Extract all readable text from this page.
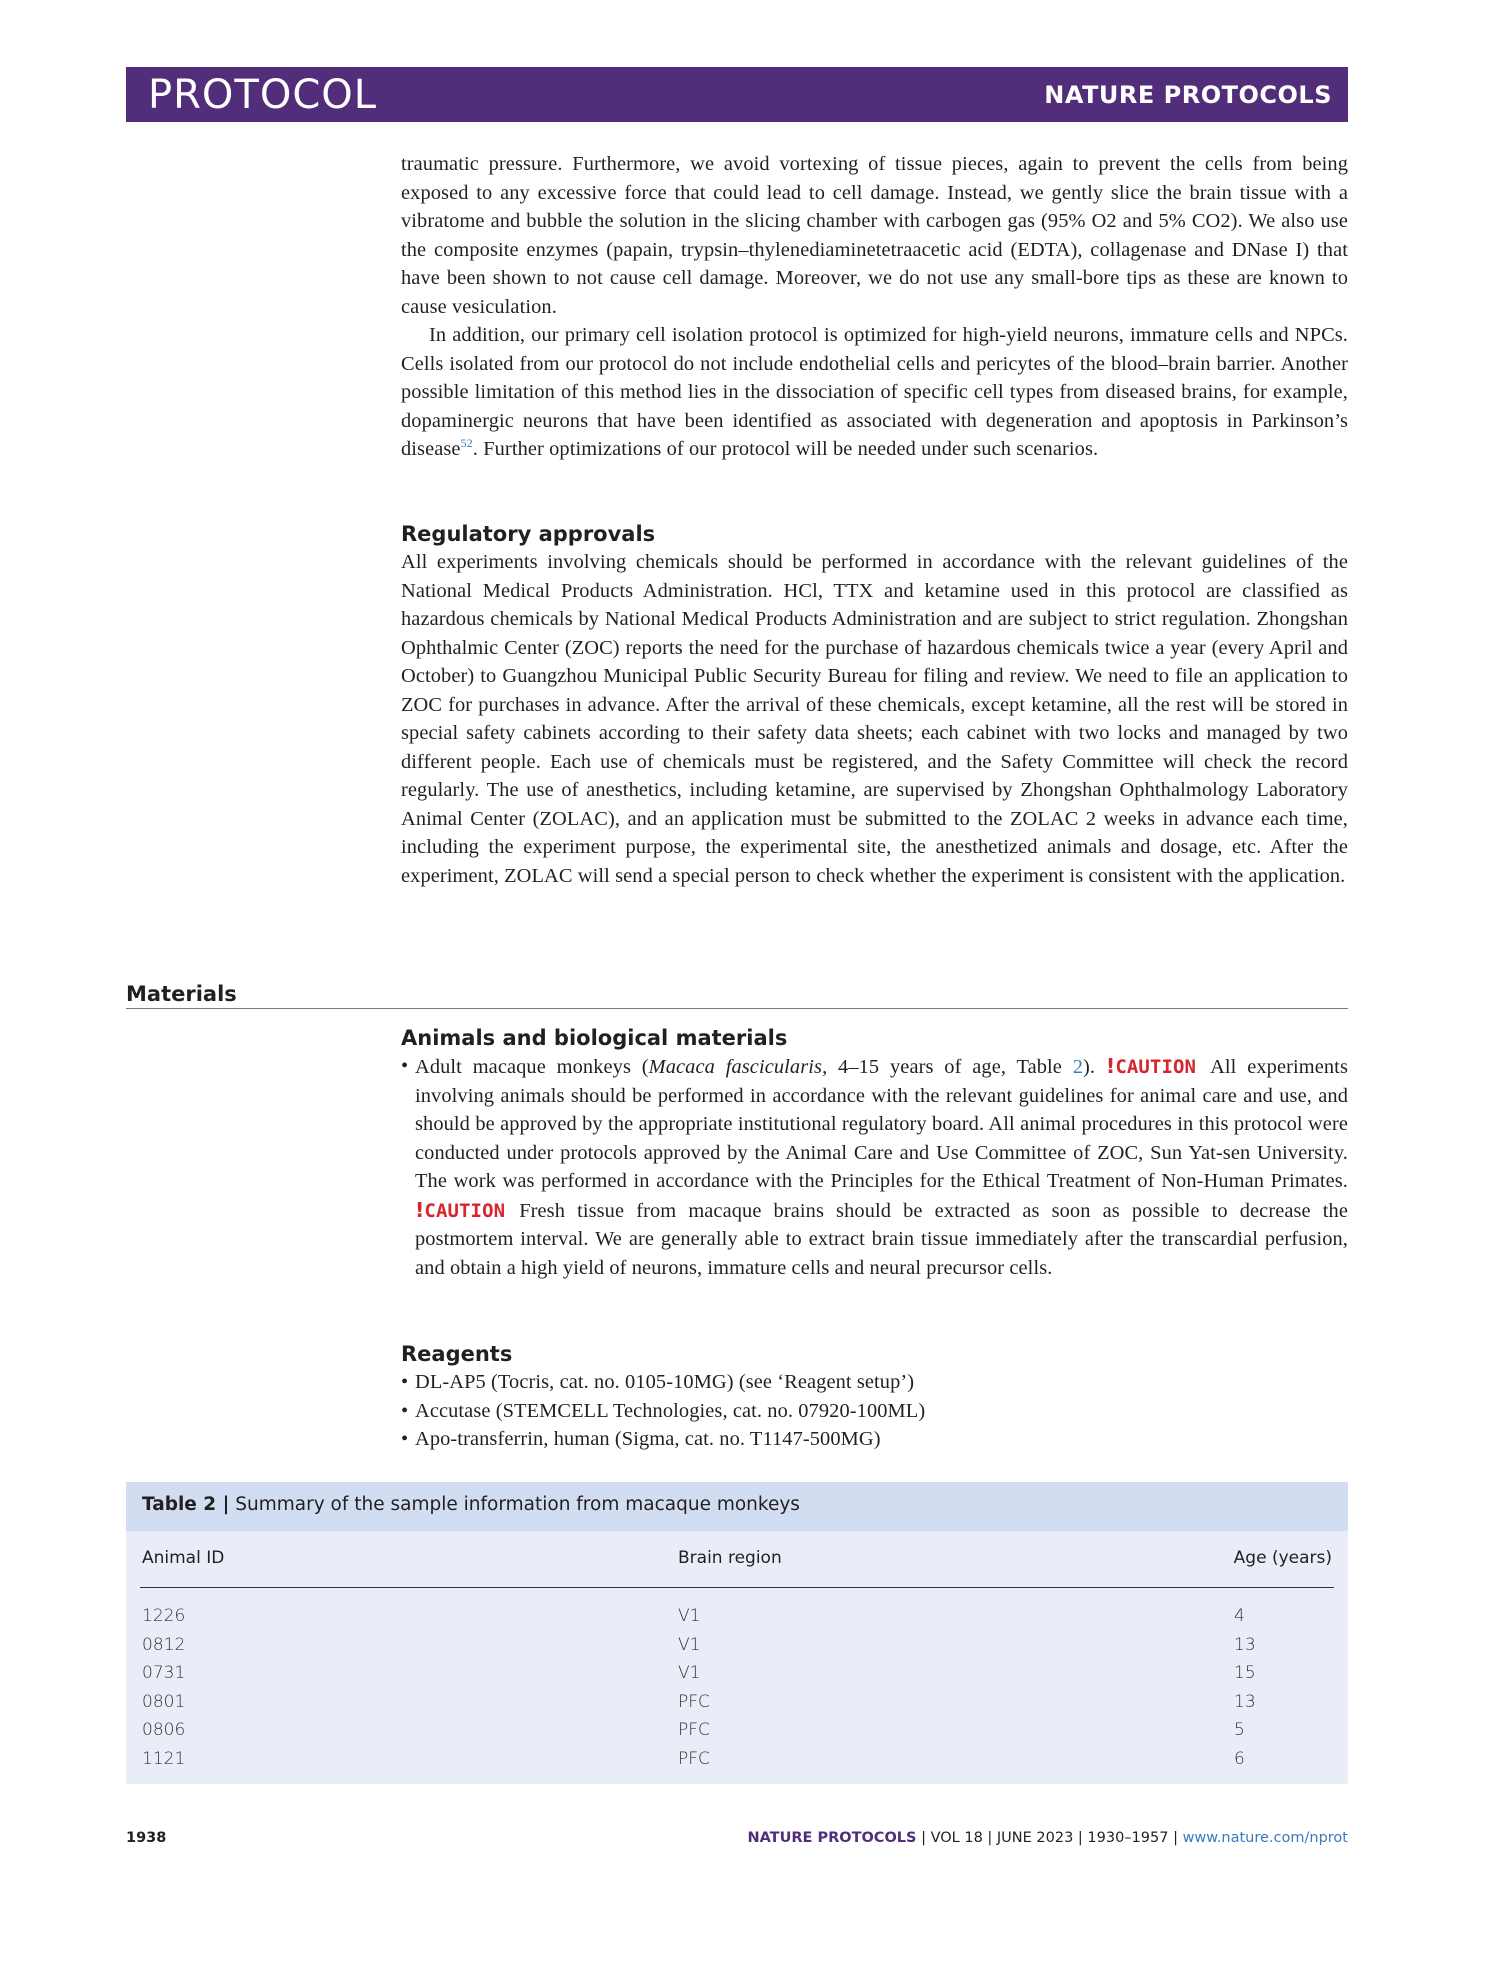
PROTOCOL	NATURE PROTOCOLS

traumatic pressure. Furthermore, we avoid vortexing of tissue pieces, again to prevent the cells from being exposed to any excessive force that could lead to cell damage. Instead, we gently slice the brain tissue with a vibratome and bubble the solution in the slicing chamber with carbogen gas (95% O2 and 5% CO2). We also use the composite enzymes (papain, trypsin–thylenediaminetetraacetic acid (EDTA), collagenase and DNase I) that have been shown to not cause cell damage. Moreover, we do not use any small-bore tips as these are known to cause vesiculation.

In addition, our primary cell isolation protocol is optimized for high-yield neurons, immature cells and NPCs. Cells isolated from our protocol do not include endothelial cells and pericytes of the blood–brain barrier. Another possible limitation of this method lies in the dissociation of specific cell types from diseased brains, for example, dopaminergic neurons that have been identified as associated with degeneration and apoptosis in Parkinson’s disease$^{52}$. Further optimizations of our protocol will be needed under such scenarios.

Regulatory approvals

All experiments involving chemicals should be performed in accordance with the relevant guidelines of the National Medical Products Administration. HCl, TTX and ketamine used in this protocol are classified as hazardous chemicals by National Medical Products Administration and are subject to strict regulation. Zhongshan Ophthalmic Center (ZOC) reports the need for the purchase of hazardous chemicals twice a year (every April and October) to Guangzhou Municipal Public Security Bureau for filing and review. We need to file an application to ZOC for purchases in advance. After the arrival of these chemicals, except ketamine, all the rest will be stored in special safety cabinets according to their safety data sheets; each cabinet with two locks and managed by two different people. Each use of chemicals must be registered, and the Safety Committee will check the record regularly. The use of anesthetics, including ketamine, are supervised by Zhongshan Ophthalmology Laboratory Animal Center (ZOLAC), and an application must be submitted to the ZOLAC 2 weeks in advance each time, including the experiment purpose, the experimental site, the anesthetized animals and dosage, etc. After the experiment, ZOLAC will send a special person to check whether the experiment is consistent with the application.

Materials
Animals and biological materials
• Adult macaque monkeys (Macaca fascicularis, 4–15 years of age, Table 2). !CAUTION All experiments involving animals should be performed in accordance with the relevant guidelines for animal care and use, and should be approved by the appropriate institutional regulatory board. All animal procedures in this protocol were conducted under protocols approved by the Animal Care and Use Committee of ZOC, Sun Yat-sen University. The work was performed in accordance with the Principles for the Ethical Treatment of Non-Human Primates. !CAUTION Fresh tissue from macaque brains should be extracted as soon as possible to decrease the postmortem interval. We are generally able to extract brain tissue immediately after the transcardial perfusion, and obtain a high yield of neurons, immature cells and neural precursor cells.
Reagents
• DL-AP5 (Tocris, cat. no. 0105-10MG) (see ‘Reagent setup’)
• Accutase (STEMCELL Technologies, cat. no. 07920-100ML)
• Apo-transferrin, human (Sigma, cat. no. T1147-500MG)
Table 2 | Summary of the sample information from macaque monkeys
Animal ID	Brain region	Age (years)
1226	V1	4
0812	V1	13
0731	V1	15
0801	PFC	13
0806	PFC	5
1121	PFC	6
1938	NATURE PROTOCOLS | VOL 18 | JUNE 2023 | 1930–1957 | www.nature.com/nprot
